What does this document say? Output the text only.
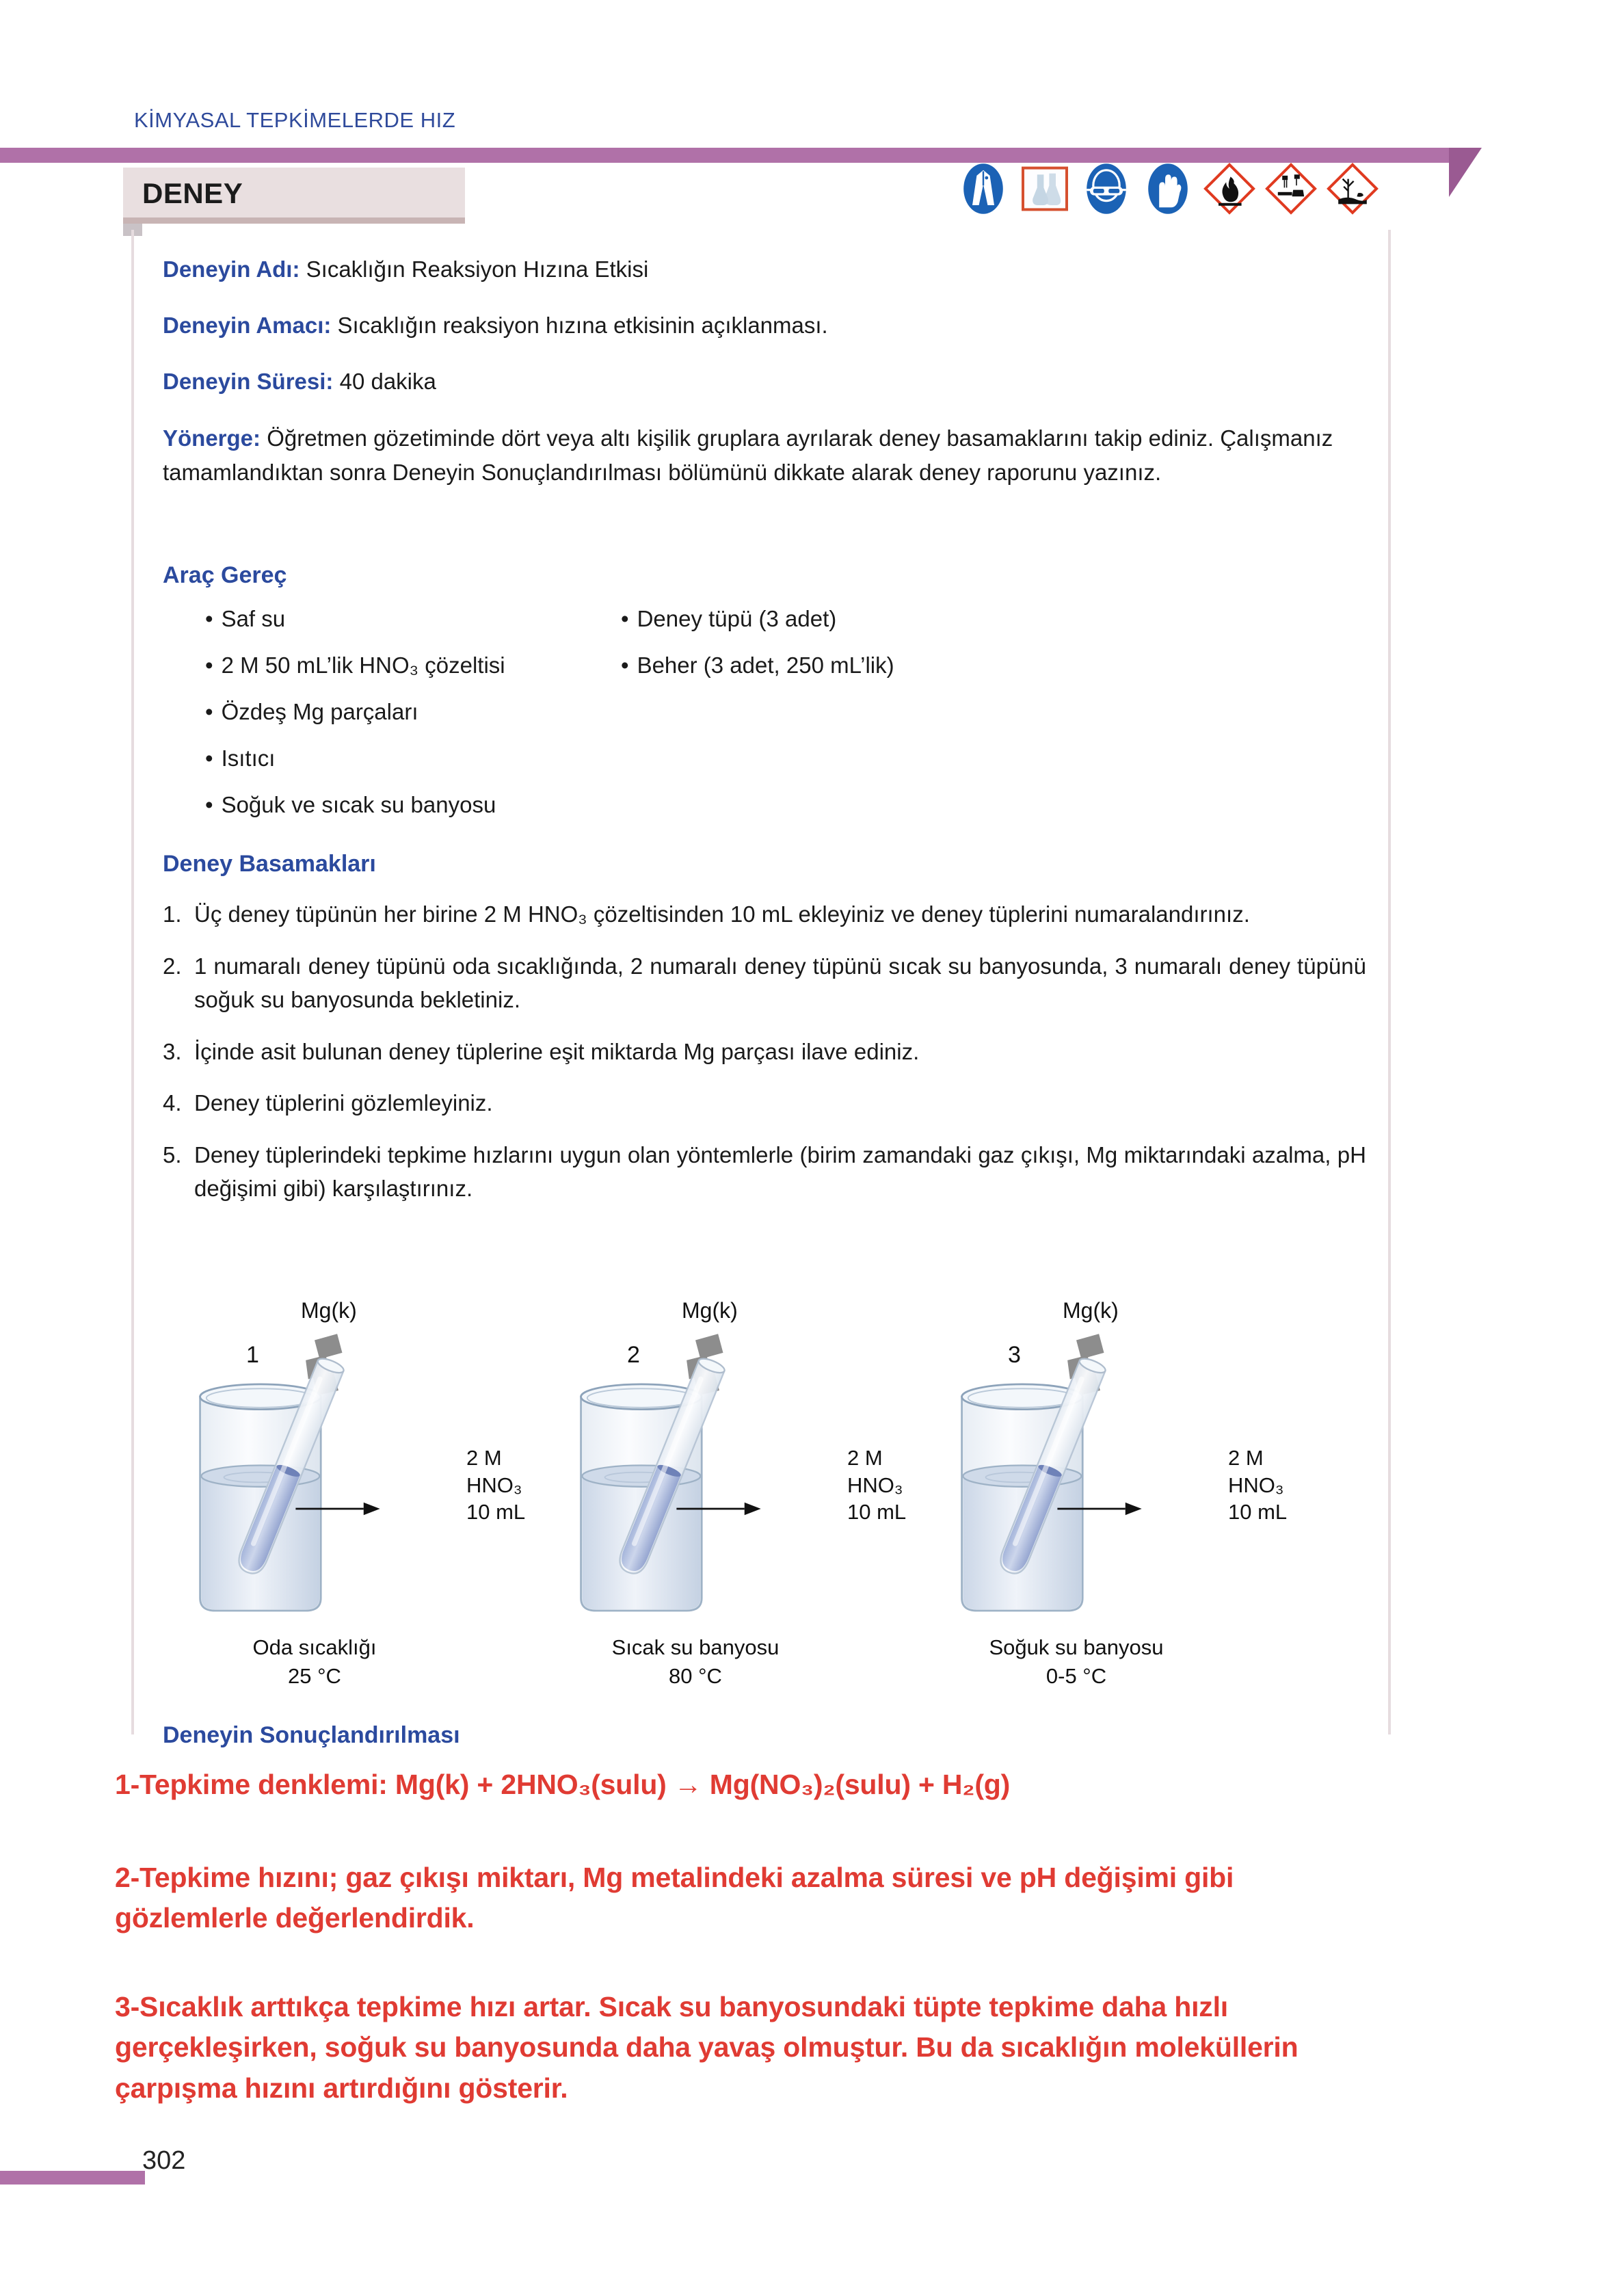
KİMYASAL TEPKİMELERDE HIZ
DENEY
Deneyin Adı: Sıcaklığın Reaksiyon Hızına Etkisi
Deneyin Amacı: Sıcaklığın reaksiyon hızına etkisinin açıklanması.
Deneyin Süresi: 40 dakika
Yönerge: Öğretmen gözetiminde dört veya altı kişilik gruplara ayrılarak deney basamaklarını takip ediniz. Çalışmanız tamamlandıktan sonra Deneyin Sonuçlandırılması bölümünü dikkate alarak deney raporunu yazınız.
Araç Gereç
• Saf su
• 2 M 50 mL’lik HNO₃ çözeltisi
• Özdeş Mg parçaları
• Isıtıcı
• Soğuk ve sıcak su banyosu
• Deney tüpü (3 adet)
• Beher (3 adet, 250 mL’lik)
Deney Basamakları
1. Üç deney tüpünün her birine 2 M HNO₃ çözeltisinden 10 mL ekleyiniz ve deney tüplerini numaralandırınız.
2. 1 numaralı deney tüpünü oda sıcaklığında, 2 numaralı deney tüpünü sıcak su banyosunda, 3 numaralı deney tüpünü soğuk su banyosunda bekletiniz.
3. İçinde asit bulunan deney tüplerine eşit miktarda Mg parçası ilave ediniz.
4. Deney tüplerini gözlemleyiniz.
5. Deney tüplerindeki tepkime hızlarını uygun olan yöntemlerle (birim zamandaki gaz çıkışı, Mg miktarındaki azalma, pH değişimi gibi) karşılaştırınız.
Mg(k)
1
2 M
HNO₃
10 mL
Oda sıcaklığı
25 °C
Mg(k)
2
2 M
HNO₃
10 mL
Sıcak su banyosu
80 °C
Mg(k)
3
2 M
HNO₃
10 mL
Soğuk su banyosu
0-5 °C
Deneyin Sonuçlandırılması
1-Tepkime denklemi: Mg(k) + 2HNO₃(sulu) → Mg(NO₃)₂(sulu) + H₂(g)
2-Tepkime hızını; gaz çıkışı miktarı, Mg metalindeki azalma süresi ve pH değişimi gibi gözlemlerle değerlendirdik.
3-Sıcaklık arttıkça tepkime hızı artar. Sıcak su banyosundaki tüpte tepkime daha hızlı gerçekleşirken, soğuk su banyosunda daha yavaş olmuştur. Bu da sıcaklığın moleküllerin çarpışma hızını artırdığını gösterir.
302
